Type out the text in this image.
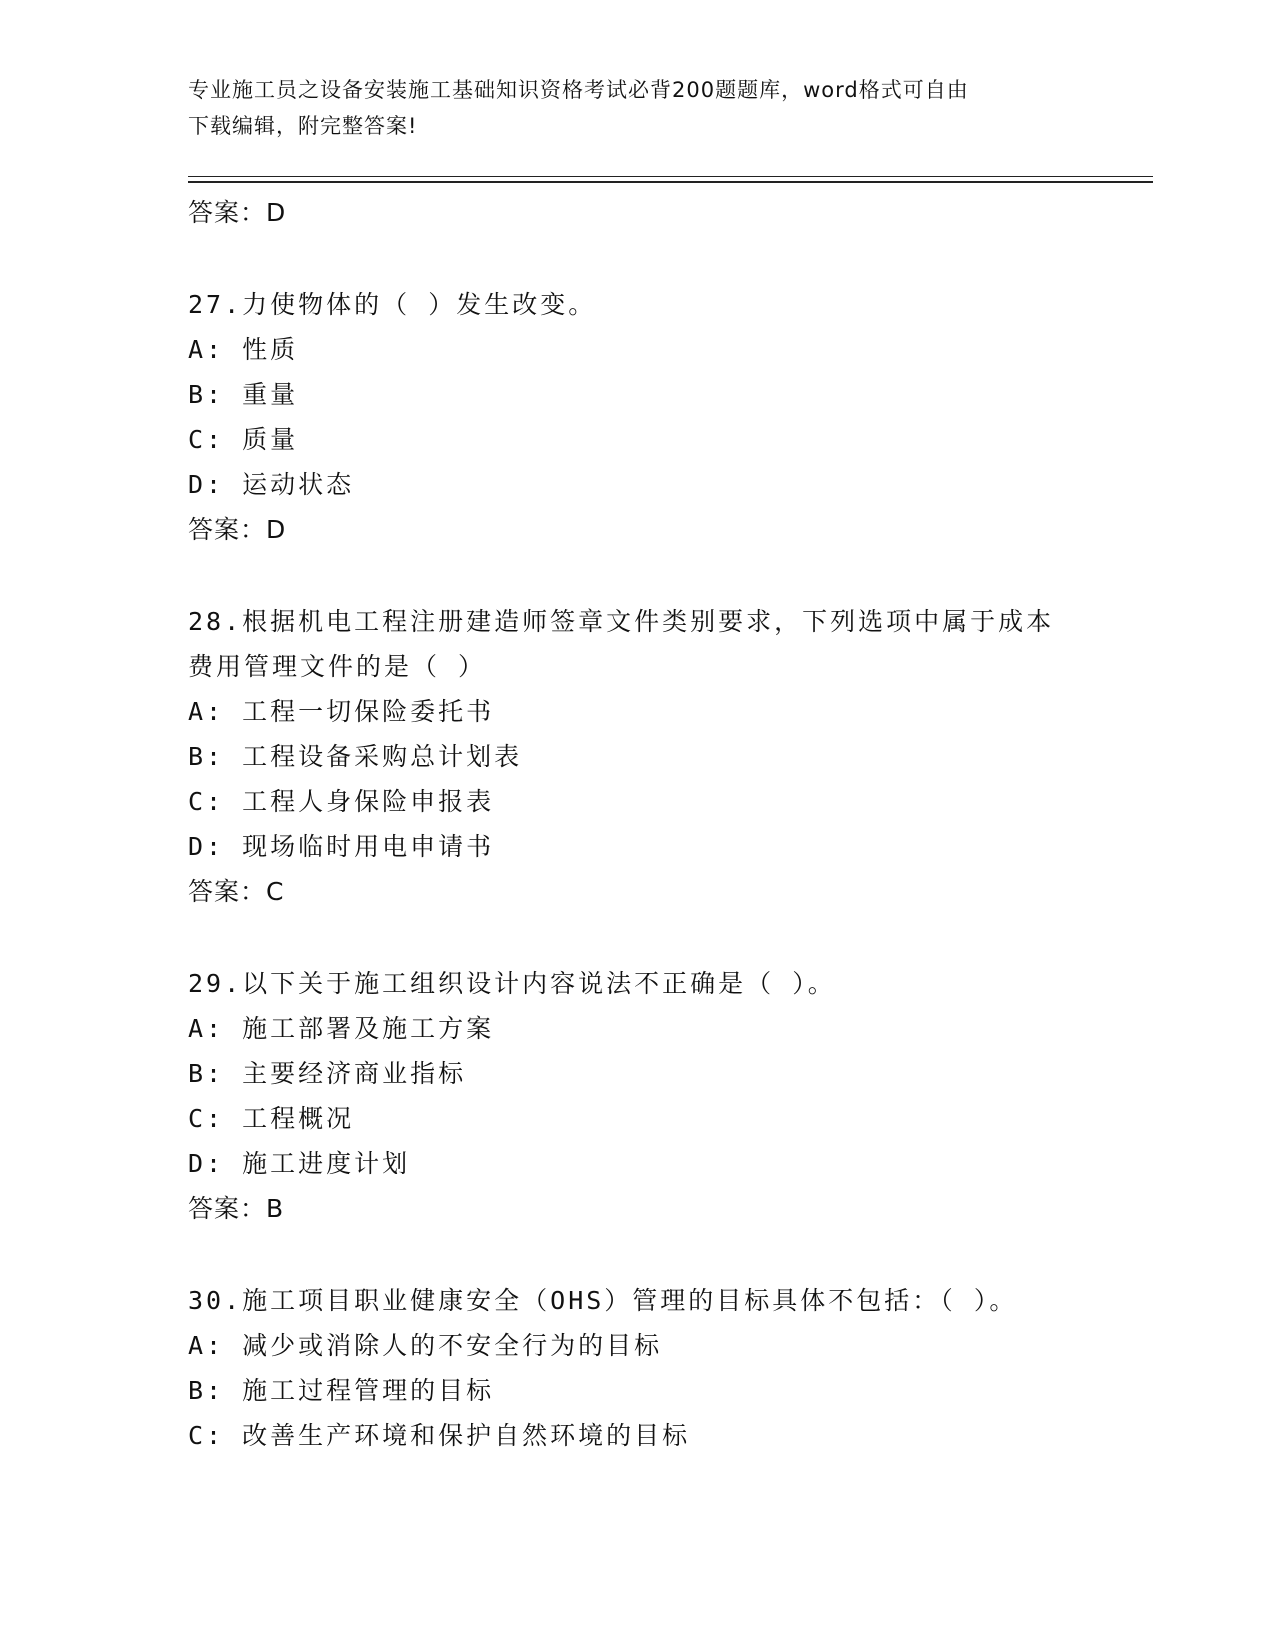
专业施工员之设备安装施工基础知识资格考试必背200题题库，word格式可自由
下载编辑，附完整答案!
答案：D
27.力使物体的（ ）发生改变。
A: 性质
B: 重量
C: 质量
D: 运动状态
答案：D
28.根据机电工程注册建造师签章文件类别要求，下列选项中属于成本
费用管理文件的是（ ）
A: 工程一切保险委托书
B: 工程设备采购总计划表
C: 工程人身保险申报表
D: 现场临时用电申请书
答案：C
29.以下关于施工组织设计内容说法不正确是（ ）。
A: 施工部署及施工方案
B: 主要经济商业指标
C: 工程概况
D: 施工进度计划
答案：B
30.施工项目职业健康安全（OHS）管理的目标具体不包括：（ ）。
A: 减少或消除人的不安全行为的目标
B: 施工过程管理的目标
C: 改善生产环境和保护自然环境的目标
